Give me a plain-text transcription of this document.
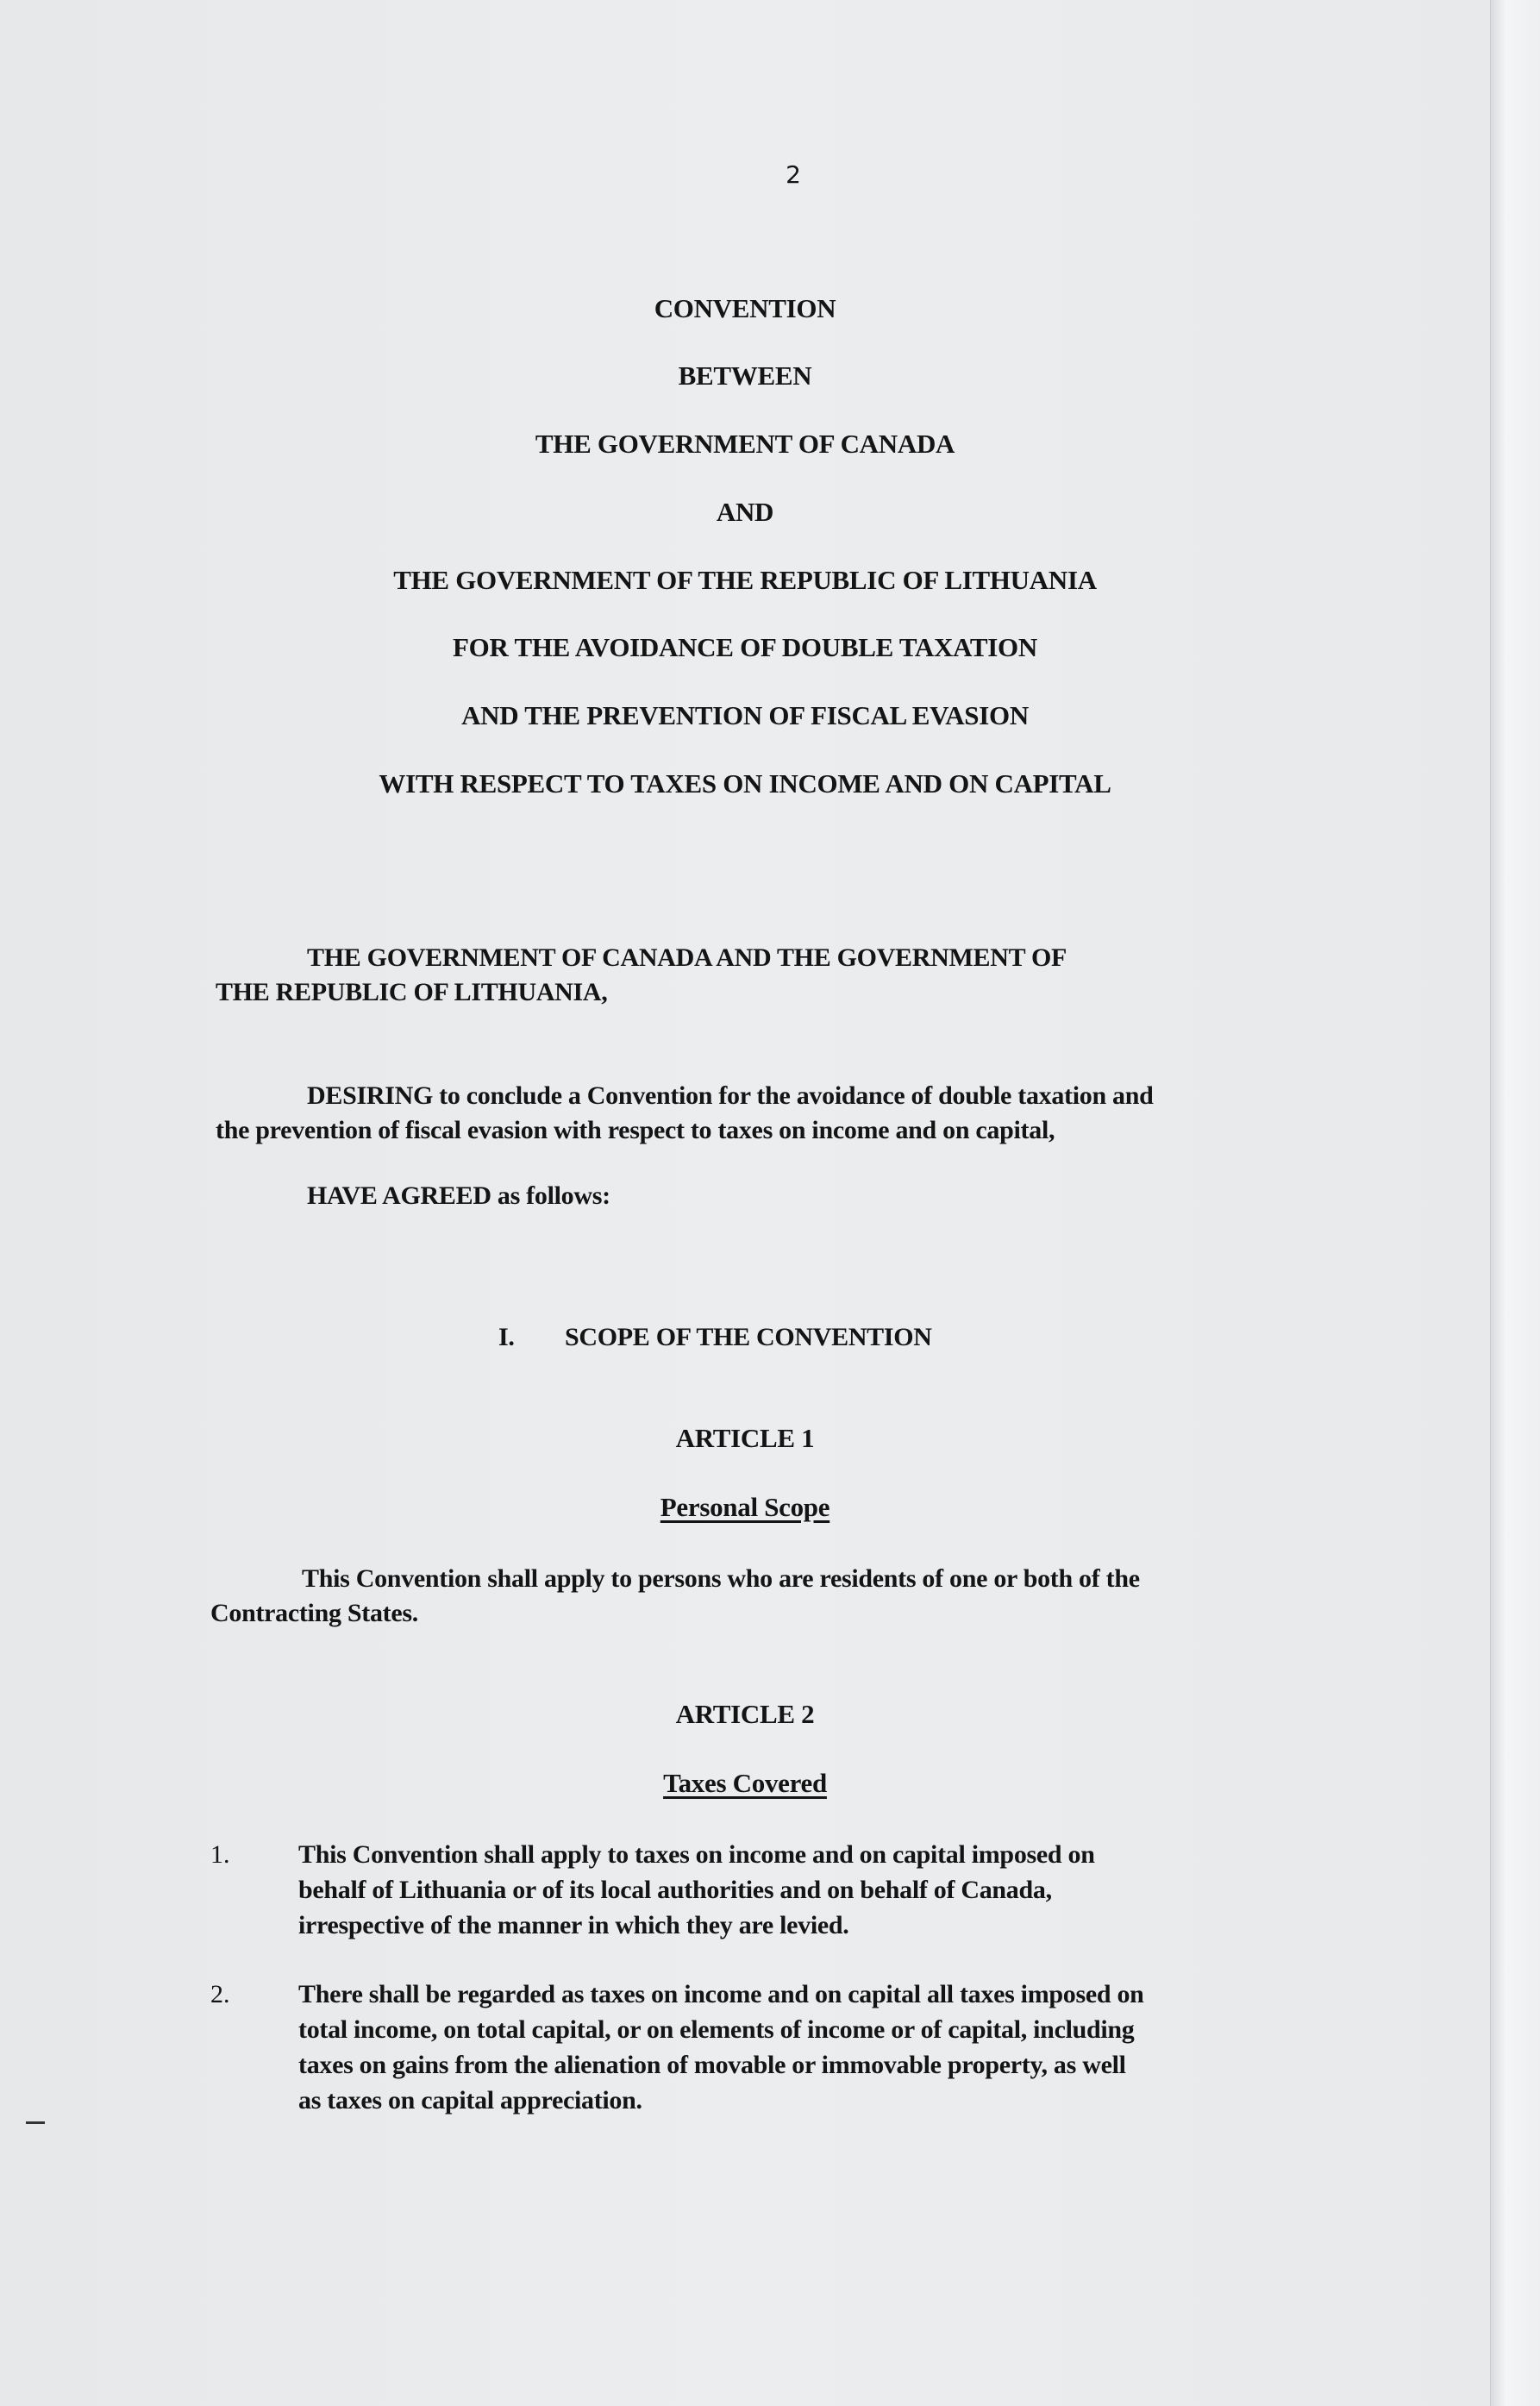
2
CONVENTION
BETWEEN
THE GOVERNMENT OF CANADA
AND
THE GOVERNMENT OF THE REPUBLIC OF LITHUANIA
FOR THE AVOIDANCE OF DOUBLE TAXATION
AND THE PREVENTION OF FISCAL EVASION
WITH RESPECT TO TAXES ON INCOME AND ON CAPITAL
THE GOVERNMENT OF CANADA AND THE GOVERNMENT OF
THE REPUBLIC OF LITHUANIA,
DESIRING to conclude a Convention for the avoidance of double taxation and
the prevention of fiscal evasion with respect to taxes on income and on capital,
HAVE AGREED as follows:
I. SCOPE OF THE CONVENTION
ARTICLE 1
Personal Scope
This Convention shall apply to persons who are residents of one or both of the
Contracting States.
ARTICLE 2
Taxes Covered
1.	This Convention shall apply to taxes on income and on capital imposed on
behalf of Lithuania or of its local authorities and on behalf of Canada,
irrespective of the manner in which they are levied.
2.	There shall be regarded as taxes on income and on capital all taxes imposed on
total income, on total capital, or on elements of income or of capital, including
taxes on gains from the alienation of movable or immovable property, as well
as taxes on capital appreciation.
